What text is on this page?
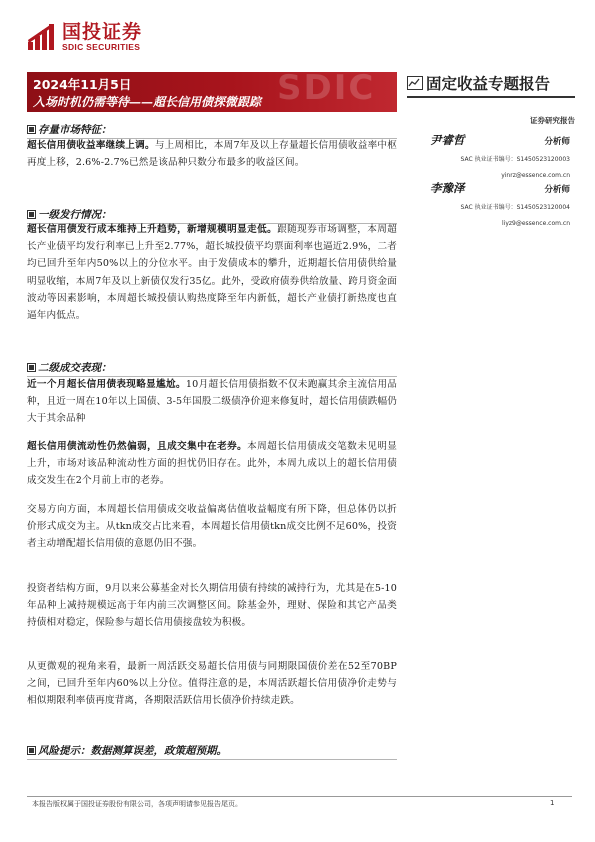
国投证券
SDIC SECURITIES
SDIC
2024年11月5日
入场时机仍需等待——超长信用债探微跟踪
固定收益专题报告
证券研究报告
尹睿哲	分析师
SAC 执业证书编号：S1450523120003
yinrz@essence.com.cn
李豫泽	分析师
SAC 执业证书编号：S1450523120004
liyz9@essence.com.cn
存量市场特征：
超长信用债收益率继续上调。与上周相比，本周7年及以上存量超长信用债收益率中枢再度上移，2.6%-2.7%已然是该品种只数分布最多的收益区间。
一级发行情况：
超长信用债发行成本维持上升趋势，新增规模明显走低。跟随现券市场调整，本周超长产业债平均发行利率已上升至2.77%，超长城投债平均票面利率也逼近2.9%，二者均已回升至年内50%以上的分位水平。由于发债成本的攀升，近期超长信用债供给量明显收缩，本周7年及以上新债仅发行35亿。此外，受政府债券供给放量、跨月资金面波动等因素影响，本周超长城投债认购热度降至年内新低，超长产业债打新热度也直逼年内低点。
二级成交表现：
近一个月超长信用债表现略显尴尬。10月超长信用债指数不仅未跑赢其余主流信用品种，且近一周在10年以上国债、3-5年国股二级债净价迎来修复时，超长信用债跌幅仍大于其余品种
超长信用债流动性仍然偏弱，且成交集中在老券。本周超长信用债成交笔数未见明显上升，市场对该品种流动性方面的担忧仍旧存在。此外，本周九成以上的超长信用债成交发生在2个月前上市的老券。
交易方向方面，本周超长信用债成交收益偏离估值收益幅度有所下降，但总体仍以折价形式成交为主。从tkn成交占比来看，本周超长信用债tkn成交比例不足60%，投资者主动增配超长信用债的意愿仍旧不强。
投资者结构方面，9月以来公募基金对长久期信用债有持续的减持行为，尤其是在5-10年品种上减持规模远高于年内前三次调整区间。除基金外，理财、保险和其它产品类持债相对稳定，保险参与超长信用债接盘较为积极。
从更微观的视角来看，最新一周活跃交易超长信用债与同期限国债价差在52至70BP之间，已回升至年内60%以上分位。值得注意的是，本周活跃超长信用债净价走势与相似期限利率债再度背离，各期限活跃信用长债净价持续走跌。
风险提示：数据测算误差，政策超预期。
本报告版权属于国投证券股份有限公司，各项声明请参见报告尾页。	1
